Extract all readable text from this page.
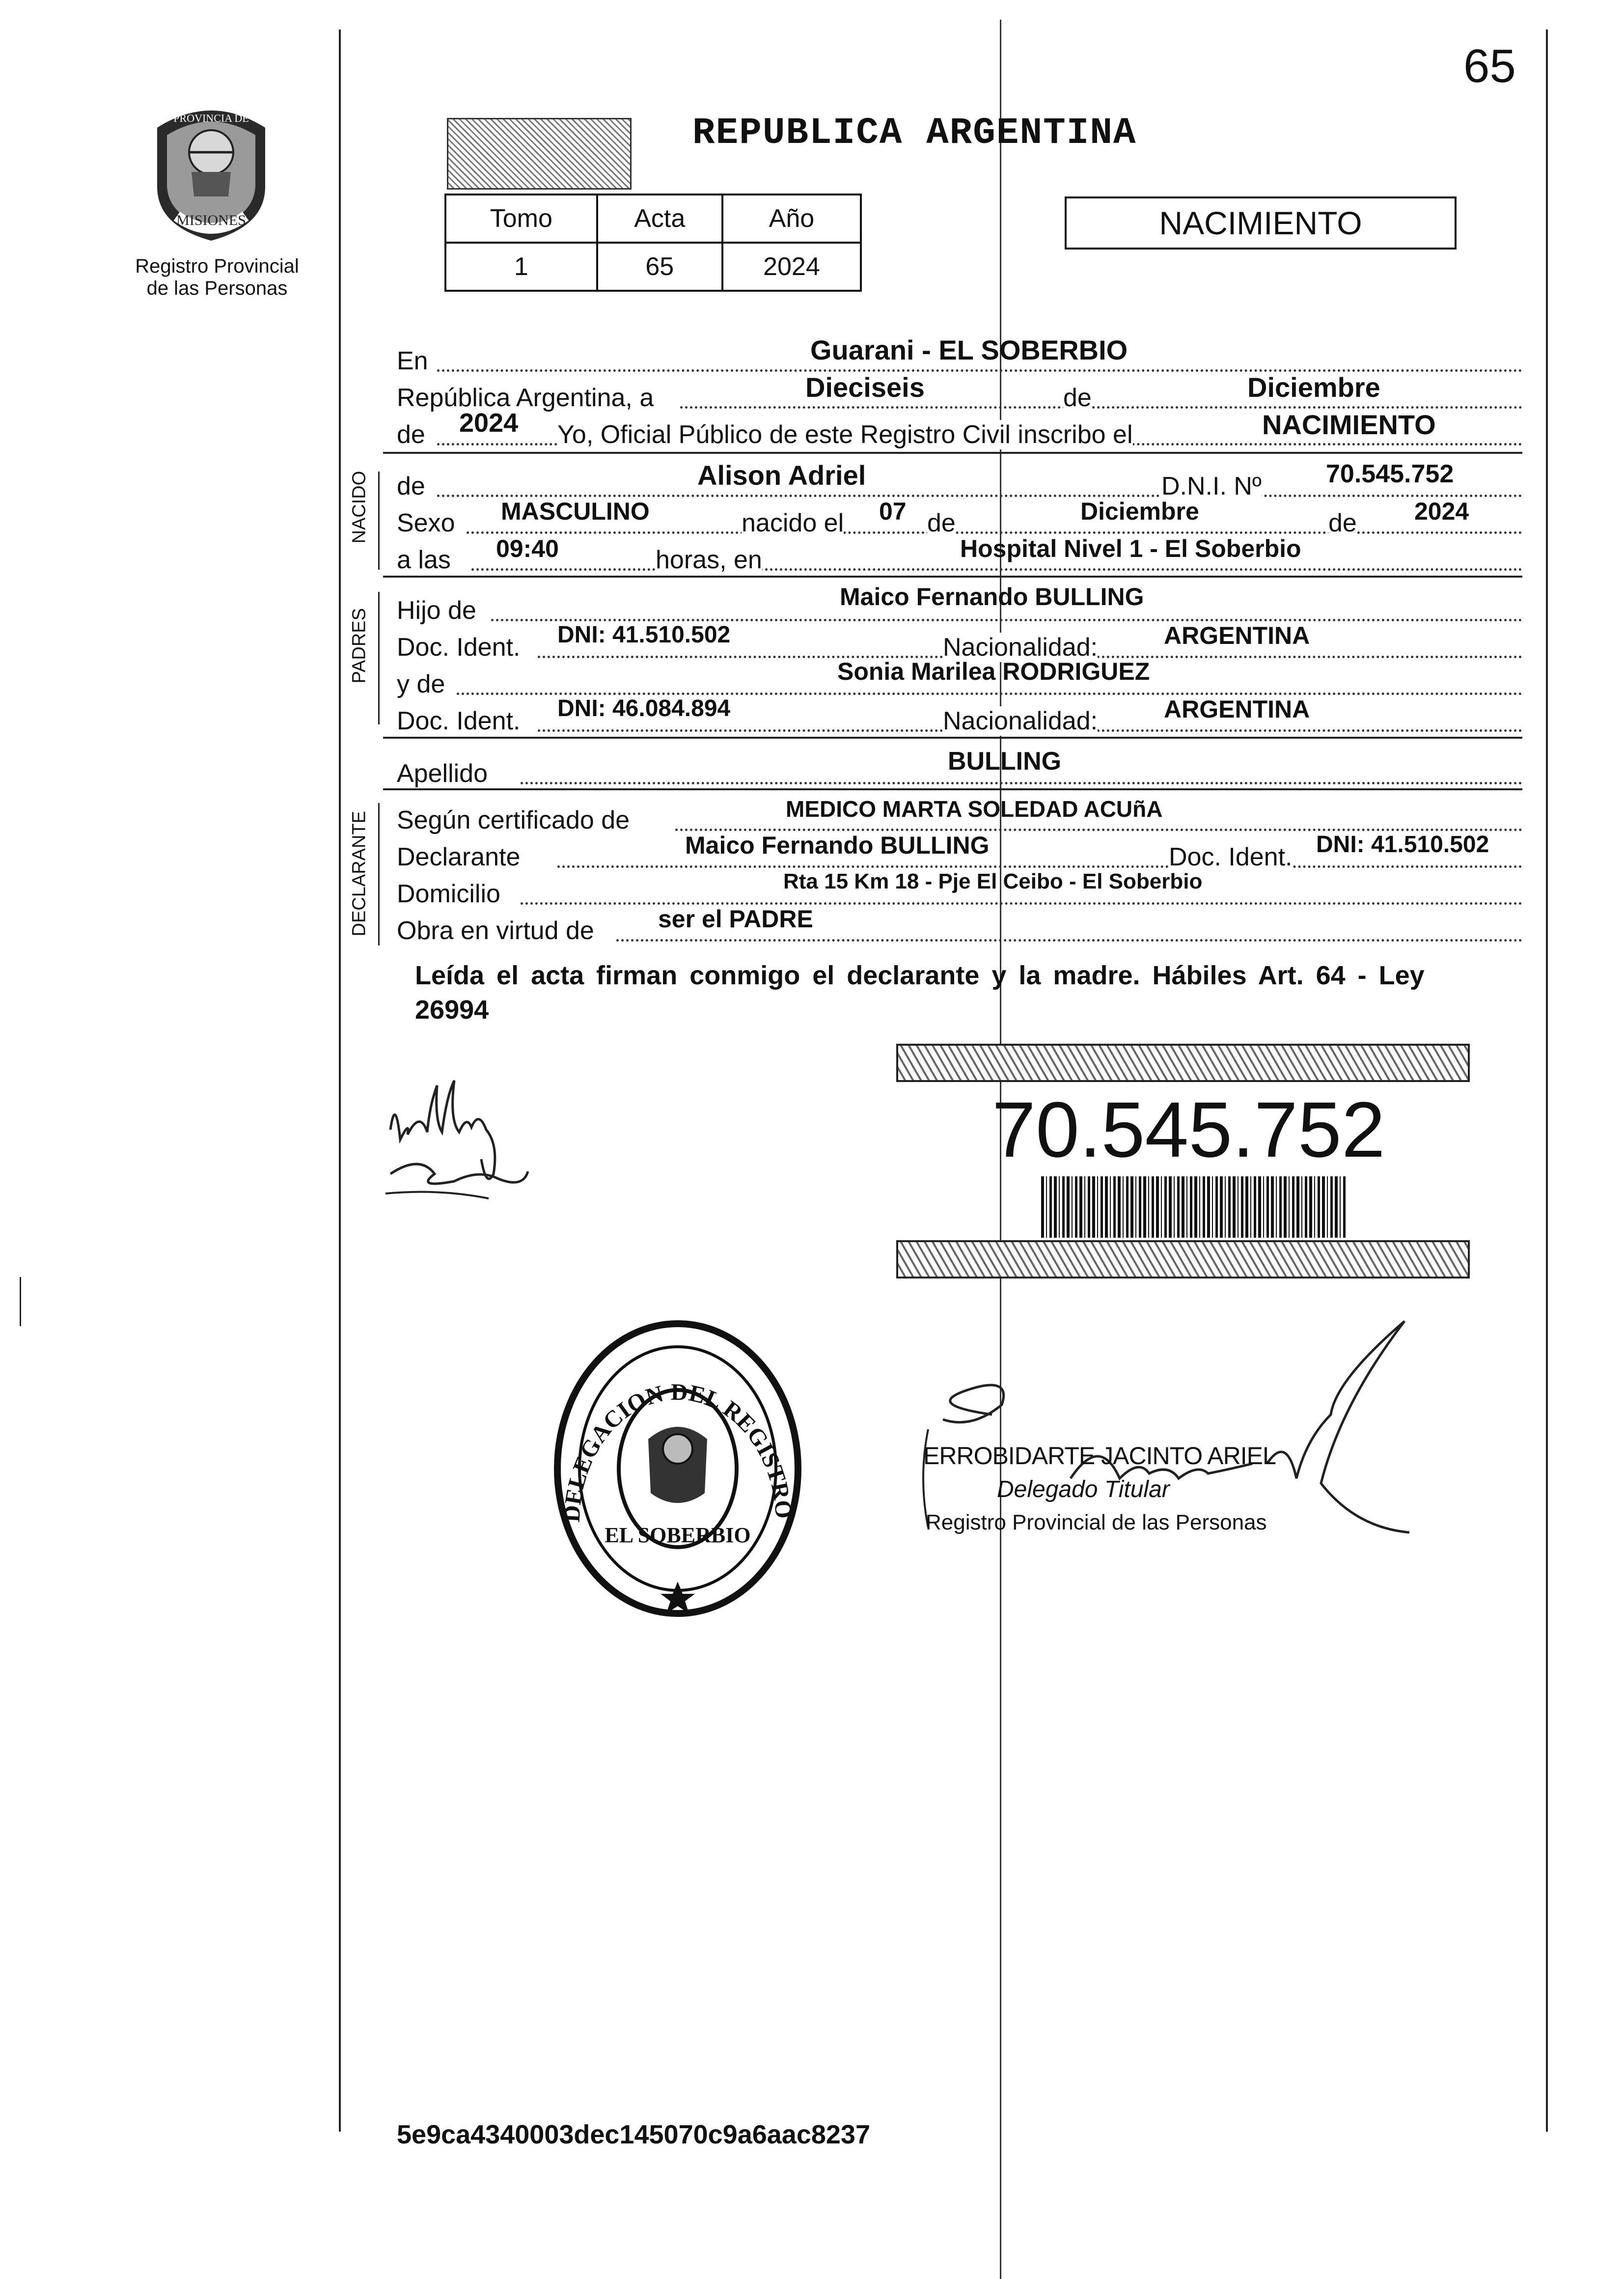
65
MISIONES
PROVINCIA DE
Registro Provincial
de las Personas
REPUBLICA ARGENTINA
Tomo	Acta	Año
1	65	2024
NACIMIENTO
En	Guarani - EL SOBERBIO
República Argentina, a	Dieciseis	de	Diciembre
de 2024 Yo, Oficial Público de este Registro Civil inscribo el	NACIMIENTO
NACIDO de	Alison Adriel	D.N.I. Nº	70.545.752
Sexo MASCULINO	nacido el 07 de	Diciembre	de 2024
a las 09:40	horas, en	Hospital Nivel 1 - El Soberbio
PADRES Hijo de	Maico Fernando BULLING
Doc. Ident. DNI: 41.510.502	Nacionalidad:	ARGENTINA
y de	Sonia Marilea RODRIGUEZ
Doc. Ident. DNI: 46.084.894	Nacionalidad:	ARGENTINA
Apellido	BULLING
DECLARANTE Según certificado de	MEDICO MARTA SOLEDAD ACUñA
Declarante	Maico Fernando BULLING	Doc. Ident. DNI: 41.510.502
Domicilio	Rta 15 Km 18 - Pje El Ceibo - El Soberbio
Obra en virtud de	ser el PADRE
Leída el acta firman conmigo el declarante y la madre. Hábiles Art. 64 - Ley
26994
70.545.752
DELEGACION DEL REGISTRO
EL SOBERBIO
ERROBIDARTE JACINTO ARIEL
Delegado Titular
Registro Provincial de las Personas
5e9ca4340003dec145070c9a6aac8237
